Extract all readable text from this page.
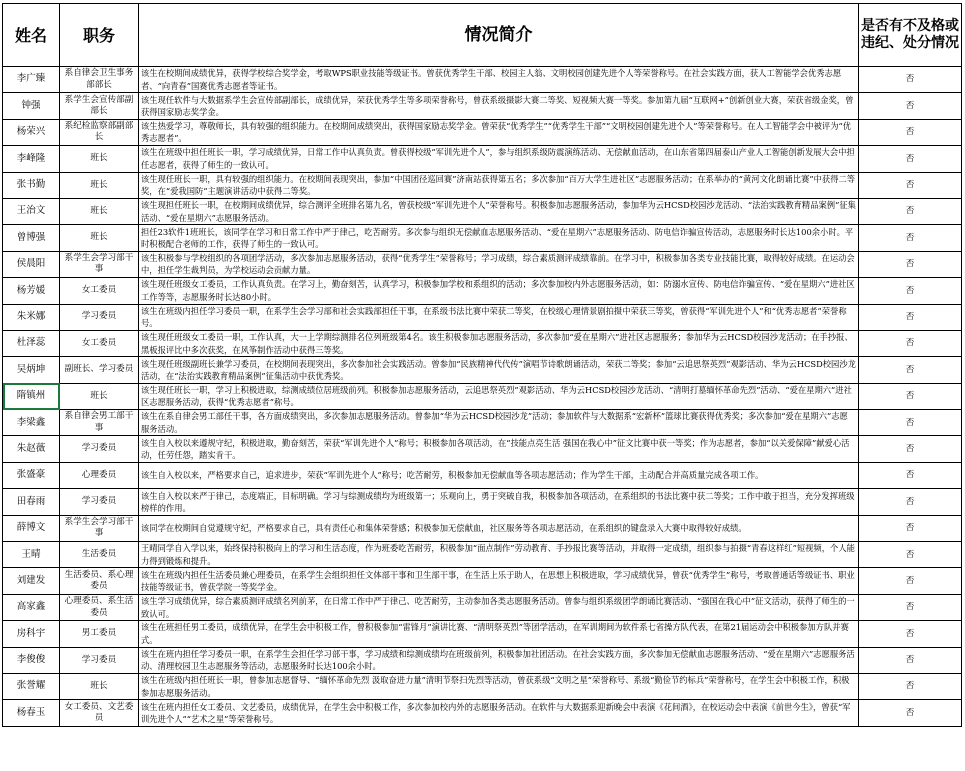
姓名	职务	情况简介	是否有不及格或违纪、处分情况
李广臻	系自律会卫生事务部部长	该生在校期间成绩优异，获得学校综合奖学金，考取WPS职业技能等级证书。曾获优秀学生干部、校园主人翁、文明校园创建先进个人等荣誉称号。在社会实践方面，获人工智能学会优秀志愿者、“向青春”国赛优秀志愿者等证书。	否
钟强	系学生会宣传部副部长	该生现任软件与大数据系学生会宣传部副部长，成绩优异，荣获优秀学生等多项荣誉称号，曾获系级摄影大赛二等奖、短视频大赛一等奖。参加第九届“互联网+”创新创业大赛，荣获省级金奖，曾获得国家励志奖学金。	否
杨荣兴	系纪检监察部副部长	该生热爱学习，尊敬师长，具有较强的组织能力。在校期间成绩突出，获得国家励志奖学金。曾荣获“优秀学生”“优秀学生干部”“文明校园创建先进个人”等荣誉称号。在人工智能学会中被评为“优秀志愿者”。	否
李峰隆	班长	该生在班级中担任班长一职，学习成绩优异，日常工作中认真负责。曾获得校级“军训先进个人”，参与组织系级防震演练活动、无偿献血活动，在山东省第四届泰山产业人工智能创新发展大会中担任志愿者，获得了师生的一致认可。	否
张书勤	班长	该生现任班长一职，具有较强的组织能力。在校期间表现突出，参加“中国团径巡回赛”济南站获得第五名；多次参加“百万大学生进社区”志愿服务活动；在系举办的“黄河文化朗诵比赛”中获得二等奖，在“爱我国防”主题演讲活动中获得二等奖。	否
王治文	班长	该生现担任班长一职，在校期间成绩优异，综合测评全班排名第九名，曾获校级“军训先进个人”荣誉称号。积极参加志愿服务活动，参加华为云HCSD校园沙龙活动、“法治实践教育精品案例”征集活动、“爱在星期六”志愿服务活动。	否
曾博强	班长	担任23软件1班班长，该同学在学习和日常工作中严于律己，吃苦耐劳。多次参与组织无偿献血志愿服务活动、“爱在星期六”志愿服务活动、防电信诈骗宣传活动，志愿服务时长达100余小时。平时积极配合老师的工作，获得了师生的一致认可。	否
侯晨阳	系学生会学习部干事	该生积极参与学校组织的各项团学活动，多次参加志愿服务活动，获得“优秀学生”荣誉称号；学习成绩，综合素质测评成绩靠前。在学习中，积极参加各类专业技能比赛，取得较好成绩。在运动会中，担任学生裁判员，为学校运动会贡献力量。	否
杨芳媛	女工委员	该生现任班级女工委员，工作认真负责。在学习上，勤奋刻苦，认真学习，积极参加学校和系组织的活动；多次参加校内外志愿服务活动，如：防溺水宣传、防电信诈骗宣传、“爱在星期六”进社区工作等等，志愿服务时长达80小时。	否
朱米娜	学习委员	该生在班级内担任学习委员一职，在系学生会学习部和社会实践部担任干事，在系级书法比赛中荣获二等奖，在校级心理情景剧拍摄中荣获三等奖，曾获得“军训先进个人”和“优秀志愿者”荣誉称号。	否
杜泽蕊	女工委员	该生现任班级女工委员一职，工作认真，大一上学期综测排名位列班级第4名。该生积极参加志愿服务活动，多次参加“爱在星期六”进社区志愿服务；参加华为云HCSD校园沙龙活动；在手抄报、黑板报评比中多次获奖，在风筝制作活动中获得三等奖。	否
吴炳坤	副班长、学习委员	该生现任班级副班长兼学习委员，在校期间表现突出，多次参加社会实践活动。曾参加“民族精神代代传”演唱节诗歌朗诵活动，荣获二等奖；参加“云追思祭英烈”观影活动、华为云HCSD校园沙龙活动，在“法治实践教育精品案例”征集活动中获优秀奖。	否
隋镇州	班长	该生现任班长一职，学习上积极进取，综测成绩位居班级前列。积极参加志愿服务活动，云追思祭英烈”观影活动、华为云HCSD校园沙龙活动、“清明打墓缅怀革命先烈”活动、“爱在星期六”进社区志愿服务活动，获得“优秀志愿者”称号。	否
李梁鑫	系自律会男工部干事	该生在系自律会男工部任干事，各方面成绩突出，多次参加志愿服务活动。曾参加“华为云HCSD校园沙龙”活动；参加软件与大数据系“宏新杯”篮球比赛获得优秀奖；多次参加“爱在星期六”志愿服务活动。	否
朱赵薇	学习委员	该生自入校以来遵规守纪，积极进取，勤奋刻苦，荣获“军训先进个人”称号；积极参加各项活动，在“技能点亮生活 强国在我心中”征文比赛中获一等奖；作为志愿者，参加“以关爱保障”献爱心活动，任劳任怨，踏实肯干。	否
张盛豪	心理委员	该生自入校以来，严格要求自己，追求进步，荣获“军训先进个人”称号；吃苦耐劳，积极参加无偿献血等各项志愿活动；作为学生干部，主动配合并高质量完成各项工作。	否
田春雨	学习委员	该生自入校以来严于律己，态度端正，目标明确。学习与综测成绩均为班级第一；乐观向上，勇于突破自我，积极参加各项活动，在系组织的书法比赛中获二等奖；工作中敢于担当，充分发挥班级榜样的作用。	否
薛博文	系学生会学习部干事	该同学在校期间自觉遵规守纪，严格要求自己，具有责任心和集体荣誉感；积极参加无偿献血，社区服务等各项志愿活动，在系组织的键盘录入大赛中取得较好成绩。	否
王晴	生活委员	王晴同学自入学以来，始终保持积极向上的学习和生活态度，作为班委吃苦耐劳，积极参加“面点制作”劳动教育、手抄报比赛等活动，并取得一定成绩，组织参与拍摄“青春这样红”短视频，个人能力得到锻炼和提升。	否
刘建发	生活委员、系心理委员	该生在班级内担任生活委员兼心理委员，在系学生会组织担任文体部干事和卫生部干事，在生活上乐于助人，在思想上积极进取，学习成绩优异，曾获“优秀学生”称号，考取普通话等级证书、职业技能等级证书，曾获学院一等奖学金。	否
高家鑫	心理委员、系生活委员	该生学习成绩优异，综合素质测评成绩名列前茅，在日常工作中严于律己、吃苦耐劳，主动参加各类志愿服务活动。曾参与组织系级团学朗诵比赛活动、“强国在我心中”征文活动，获得了师生的一致认可。	否
房科宇	男工委员	该生在班担任男工委员，成绩优异，在学生会中积极工作，曾积极参加“雷锋月”演讲比赛、“清明祭英烈”等团学活动，在军训期间为软件系七省操方队代表，在第21届运动会中积极参加方队并赛式。	否
李俊俊	学习委员	该生在班内担任学习委员一职，在系学生会担任学习部干事，学习成绩和综测成绩均在班级前列，积极参加社团活动。在社会实践方面，多次参加无偿献血志愿服务活动、“爱在星期六”志愿服务活动、清理校园卫生志愿服务等活动，志愿服务时长达100余小时。	否
张誉耀	班长	该生在班级内担任班长一职，曾参加志愿督导、“缅怀革命先烈 汲取奋进力量”清明节祭扫先烈等活动，曾获系级“文明之星”荣誉称号、系级“勤俭节约标兵”荣誉称号，在学生会中积极工作，积极参加志愿服务活动。	否
杨春玉	女工委员、文艺委员	该生在班内担任女工委员、文艺委员，成绩优异，在学生会中积极工作，多次参加校内外的志愿服务活动。在软件与大数据系迎新晚会中表演《花间酒》，在校运动会中表演《前世今生》，曾获“军训先进个人”“艺术之星”等荣誉称号。	否
